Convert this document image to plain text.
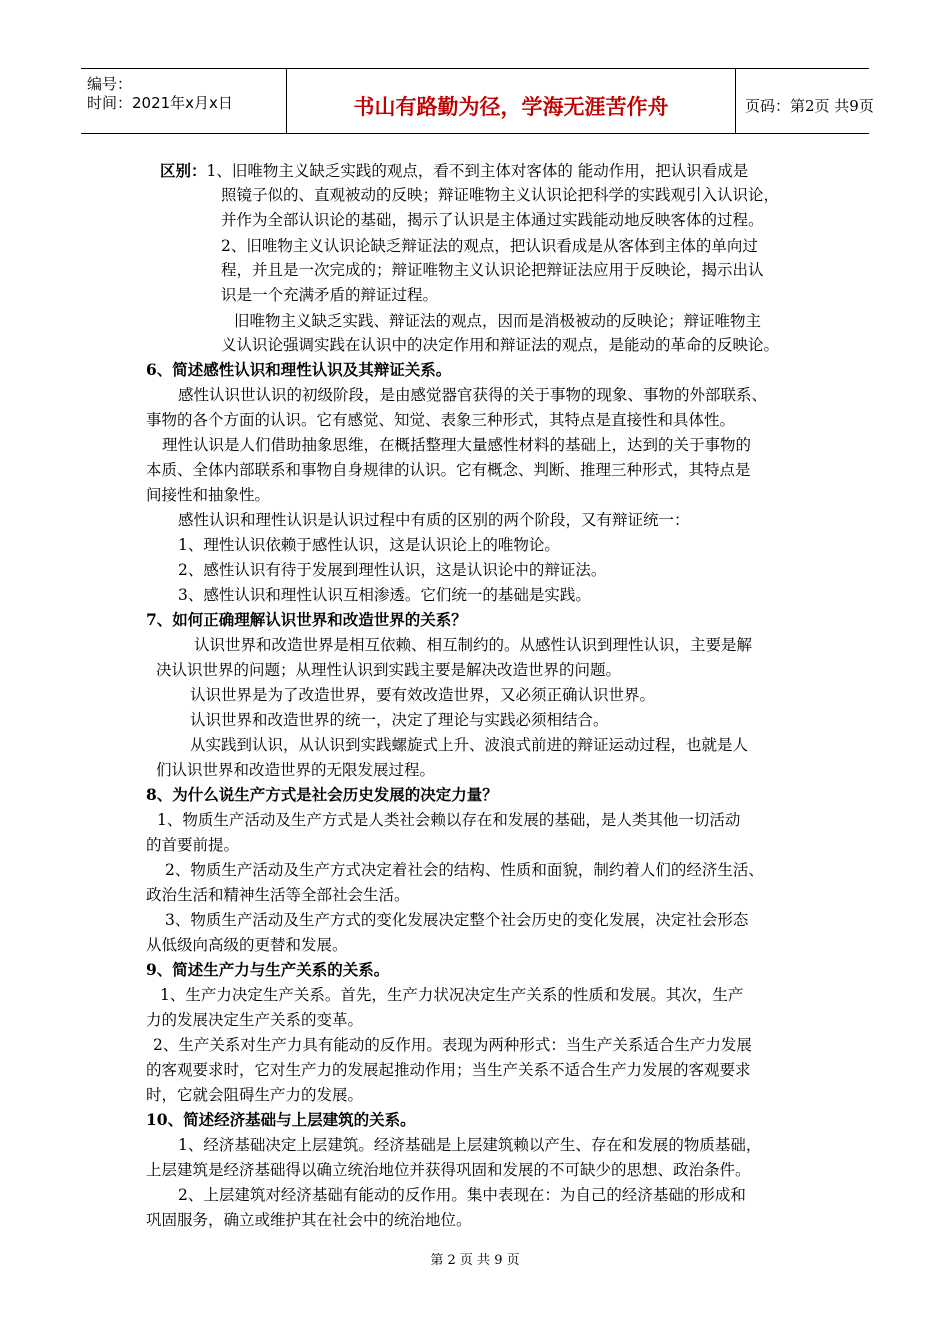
编号：
时间：2021年x月x日	书山有路勤为径，学海无涯苦作舟	页码：第2页 共9页
区别：1、旧唯物主义缺乏实践的观点，看不到主体对客体的 能动作用，把认识看成是
照镜子似的、直观被动的反映；辩证唯物主义认识论把科学的实践观引入认识论，
并作为全部认识论的基础，揭示了认识是主体通过实践能动地反映客体的过程。
2、旧唯物主义认识论缺乏辩证法的观点，把认识看成是从客体到主体的单向过
程，并且是一次完成的；辩证唯物主义认识论把辩证法应用于反映论，揭示出认
识是一个充满矛盾的辩证过程。
旧唯物主义缺乏实践、辩证法的观点，因而是消极被动的反映论；辩证唯物主
义认识论强调实践在认识中的决定作用和辩证法的观点，是能动的革命的反映论。
6、简述感性认识和理性认识及其辩证关系。
感性认识世认识的初级阶段，是由感觉器官获得的关于事物的现象、事物的外部联系、
事物的各个方面的认识。它有感觉、知觉、表象三种形式，其特点是直接性和具体性。
理性认识是人们借助抽象思维，在概括整理大量感性材料的基础上，达到的关于事物的
本质、全体内部联系和事物自身规律的认识。它有概念、判断、推理三种形式，其特点是
间接性和抽象性。
感性认识和理性认识是认识过程中有质的区别的两个阶段，又有辩证统一：
1、理性认识依赖于感性认识，这是认识论上的唯物论。
2、感性认识有待于发展到理性认识，这是认识论中的辩证法。
3、感性认识和理性认识互相渗透。它们统一的基础是实践。
7、如何正确理解认识世界和改造世界的关系？
认识世界和改造世界是相互依赖、相互制约的。从感性认识到理性认识，主要是解
决认识世界的问题；从理性认识到实践主要是解决改造世界的问题。
认识世界是为了改造世界，要有效改造世界，又必须正确认识世界。
认识世界和改造世界的统一，决定了理论与实践必须相结合。
从实践到认识，从认识到实践螺旋式上升、波浪式前进的辩证运动过程，也就是人
们认识世界和改造世界的无限发展过程。
8、为什么说生产方式是社会历史发展的决定力量？
1、物质生产活动及生产方式是人类社会赖以存在和发展的基础，是人类其他一切活动
的首要前提。
2、物质生产活动及生产方式决定着社会的结构、性质和面貌，制约着人们的经济生活、
政治生活和精神生活等全部社会生活。
3、物质生产活动及生产方式的变化发展决定整个社会历史的变化发展，决定社会形态
从低级向高级的更替和发展。
9、简述生产力与生产关系的关系。
1、生产力决定生产关系。首先，生产力状况决定生产关系的性质和发展。其次，生产
力的发展决定生产关系的变革。
2、生产关系对生产力具有能动的反作用。表现为两种形式：当生产关系适合生产力发展
的客观要求时，它对生产力的发展起推动作用；当生产关系不适合生产力发展的客观要求
时，它就会阻碍生产力的发展。
10、简述经济基础与上层建筑的关系。
1、经济基础决定上层建筑。经济基础是上层建筑赖以产生、存在和发展的物质基础，
上层建筑是经济基础得以确立统治地位并获得巩固和发展的不可缺少的思想、政治条件。
2、上层建筑对经济基础有能动的反作用。集中表现在：为自己的经济基础的形成和
巩固服务，确立或维护其在社会中的统治地位。
第 2 页 共 9 页
